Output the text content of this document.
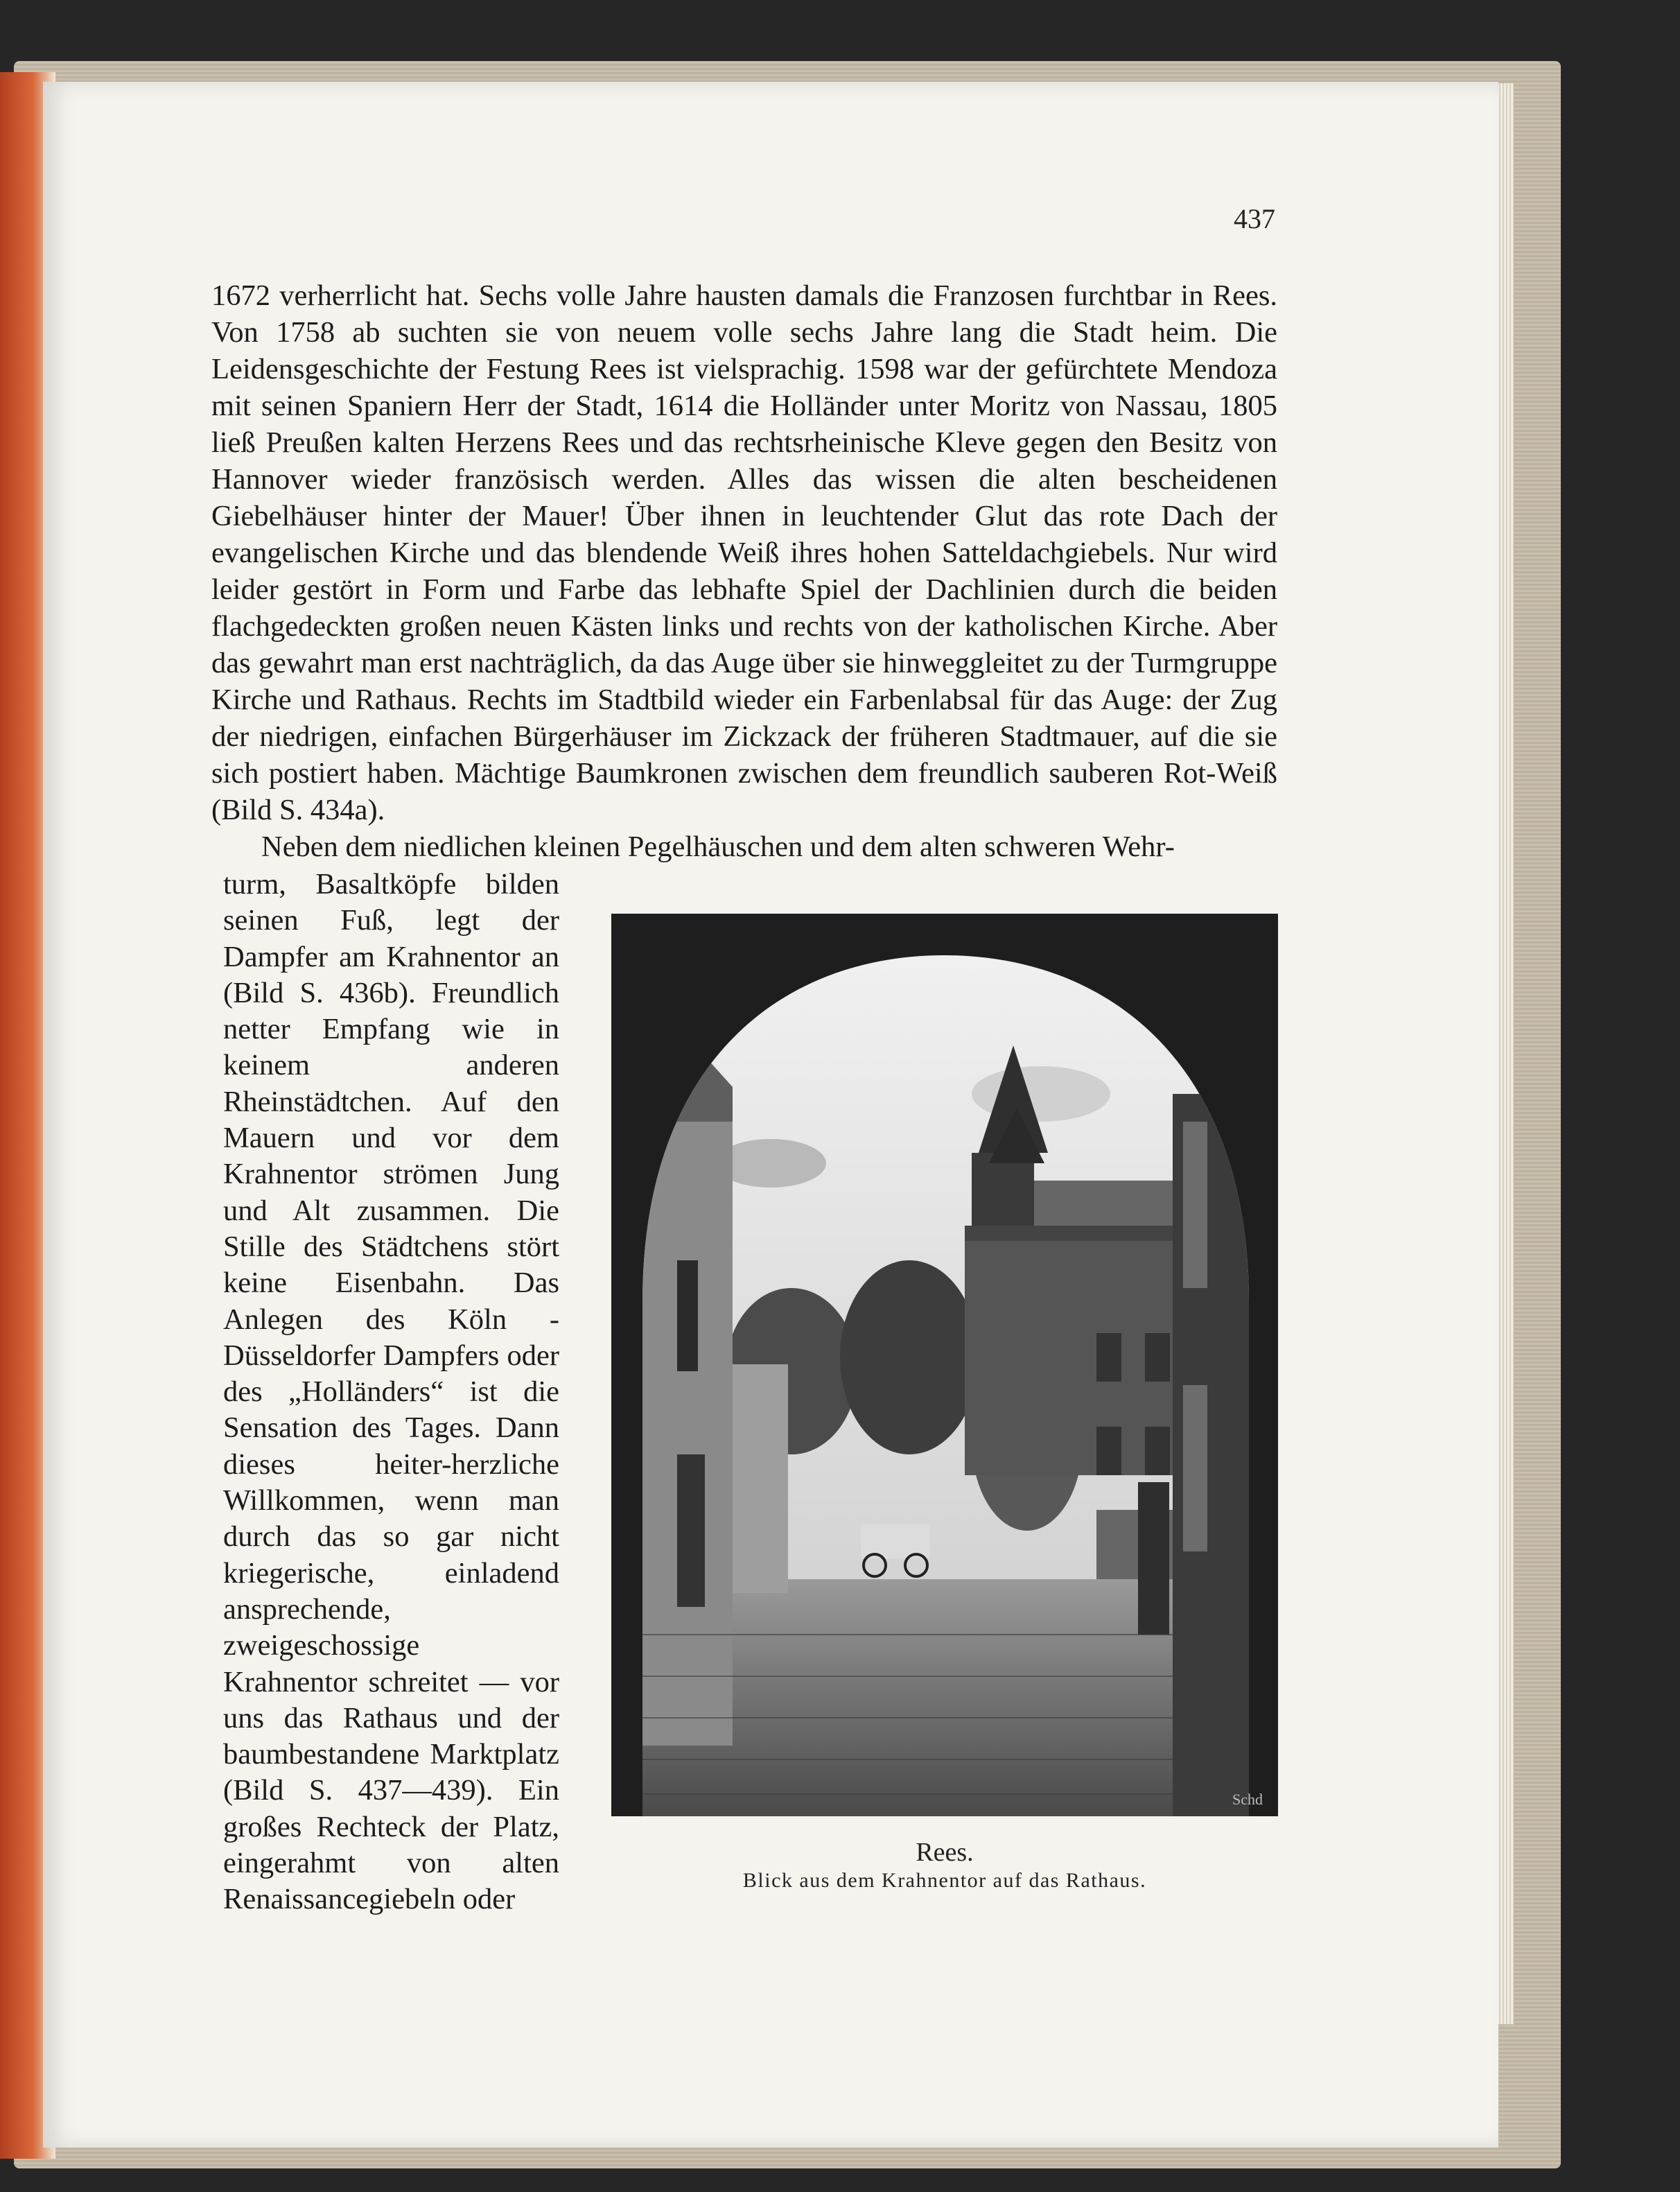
437

1672 verherrlicht hat. Sechs volle Jahre hausten damals die Franzosen furchtbar in Rees. Von 1758 ab suchten sie von neuem volle sechs Jahre lang die Stadt heim. Die Leidensgeschichte der Festung Rees ist vielsprachig. 1598 war der gefürchtete Mendoza mit seinen Spaniern Herr der Stadt, 1614 die Holländer unter Moritz von Nassau, 1805 ließ Preußen kalten Herzens Rees und das rechtsrheinische Kleve gegen den Besitz von Hannover wieder französisch werden. Alles das wissen die alten bescheidenen Giebelhäuser hinter der Mauer! Über ihnen in leuchtender Glut das rote Dach der evangelischen Kirche und das blendende Weiß ihres hohen Satteldachgiebels. Nur wird leider gestört in Form und Farbe das lebhafte Spiel der Dachlinien durch die beiden flachgedeckten großen neuen Kästen links und rechts von der katholischen Kirche. Aber das gewahrt man erst nachträglich, da das Auge über sie hinweggleitet zu der Turmgruppe Kirche und Rathaus. Rechts im Stadtbild wieder ein Farbenlabsal für das Auge: der Zug der niedrigen, einfachen Bürgerhäuser im Zickzack der früheren Stadtmauer, auf die sie sich postiert haben. Mächtige Baumkronen zwischen dem freundlich sauberen Rot-Weiß (Bild S. 434a).
Neben dem niedlichen kleinen Pegelhäuschen und dem alten schweren Wehr-

turm, Basaltköpfe bilden seinen Fuß, legt der Dampfer am Krahnentor an (Bild S. 436b). Freundlich netter Empfang wie in keinem anderen Rheinstädtchen. Auf den Mauern und vor dem Krahnentor strömen Jung und Alt zusammen. Die Stille des Städtchens stört keine Eisenbahn. Das Anlegen des Köln - Düsseldorfer Dampfers oder des „Holländers“ ist die Sensation des Tages. Dann dieses heiter-herzliche Willkommen, wenn man durch das so gar nicht kriegerische, einladend ansprechende, zweigeschossige Krahnentor schreitet — vor uns das Rathaus und der baumbestandene Marktplatz (Bild S. 437—439). Ein großes Rechteck der Platz, eingerahmt von alten Renaissancegiebeln oder

Schd
Rees.
Blick aus dem Krahnentor auf das Rathaus.
